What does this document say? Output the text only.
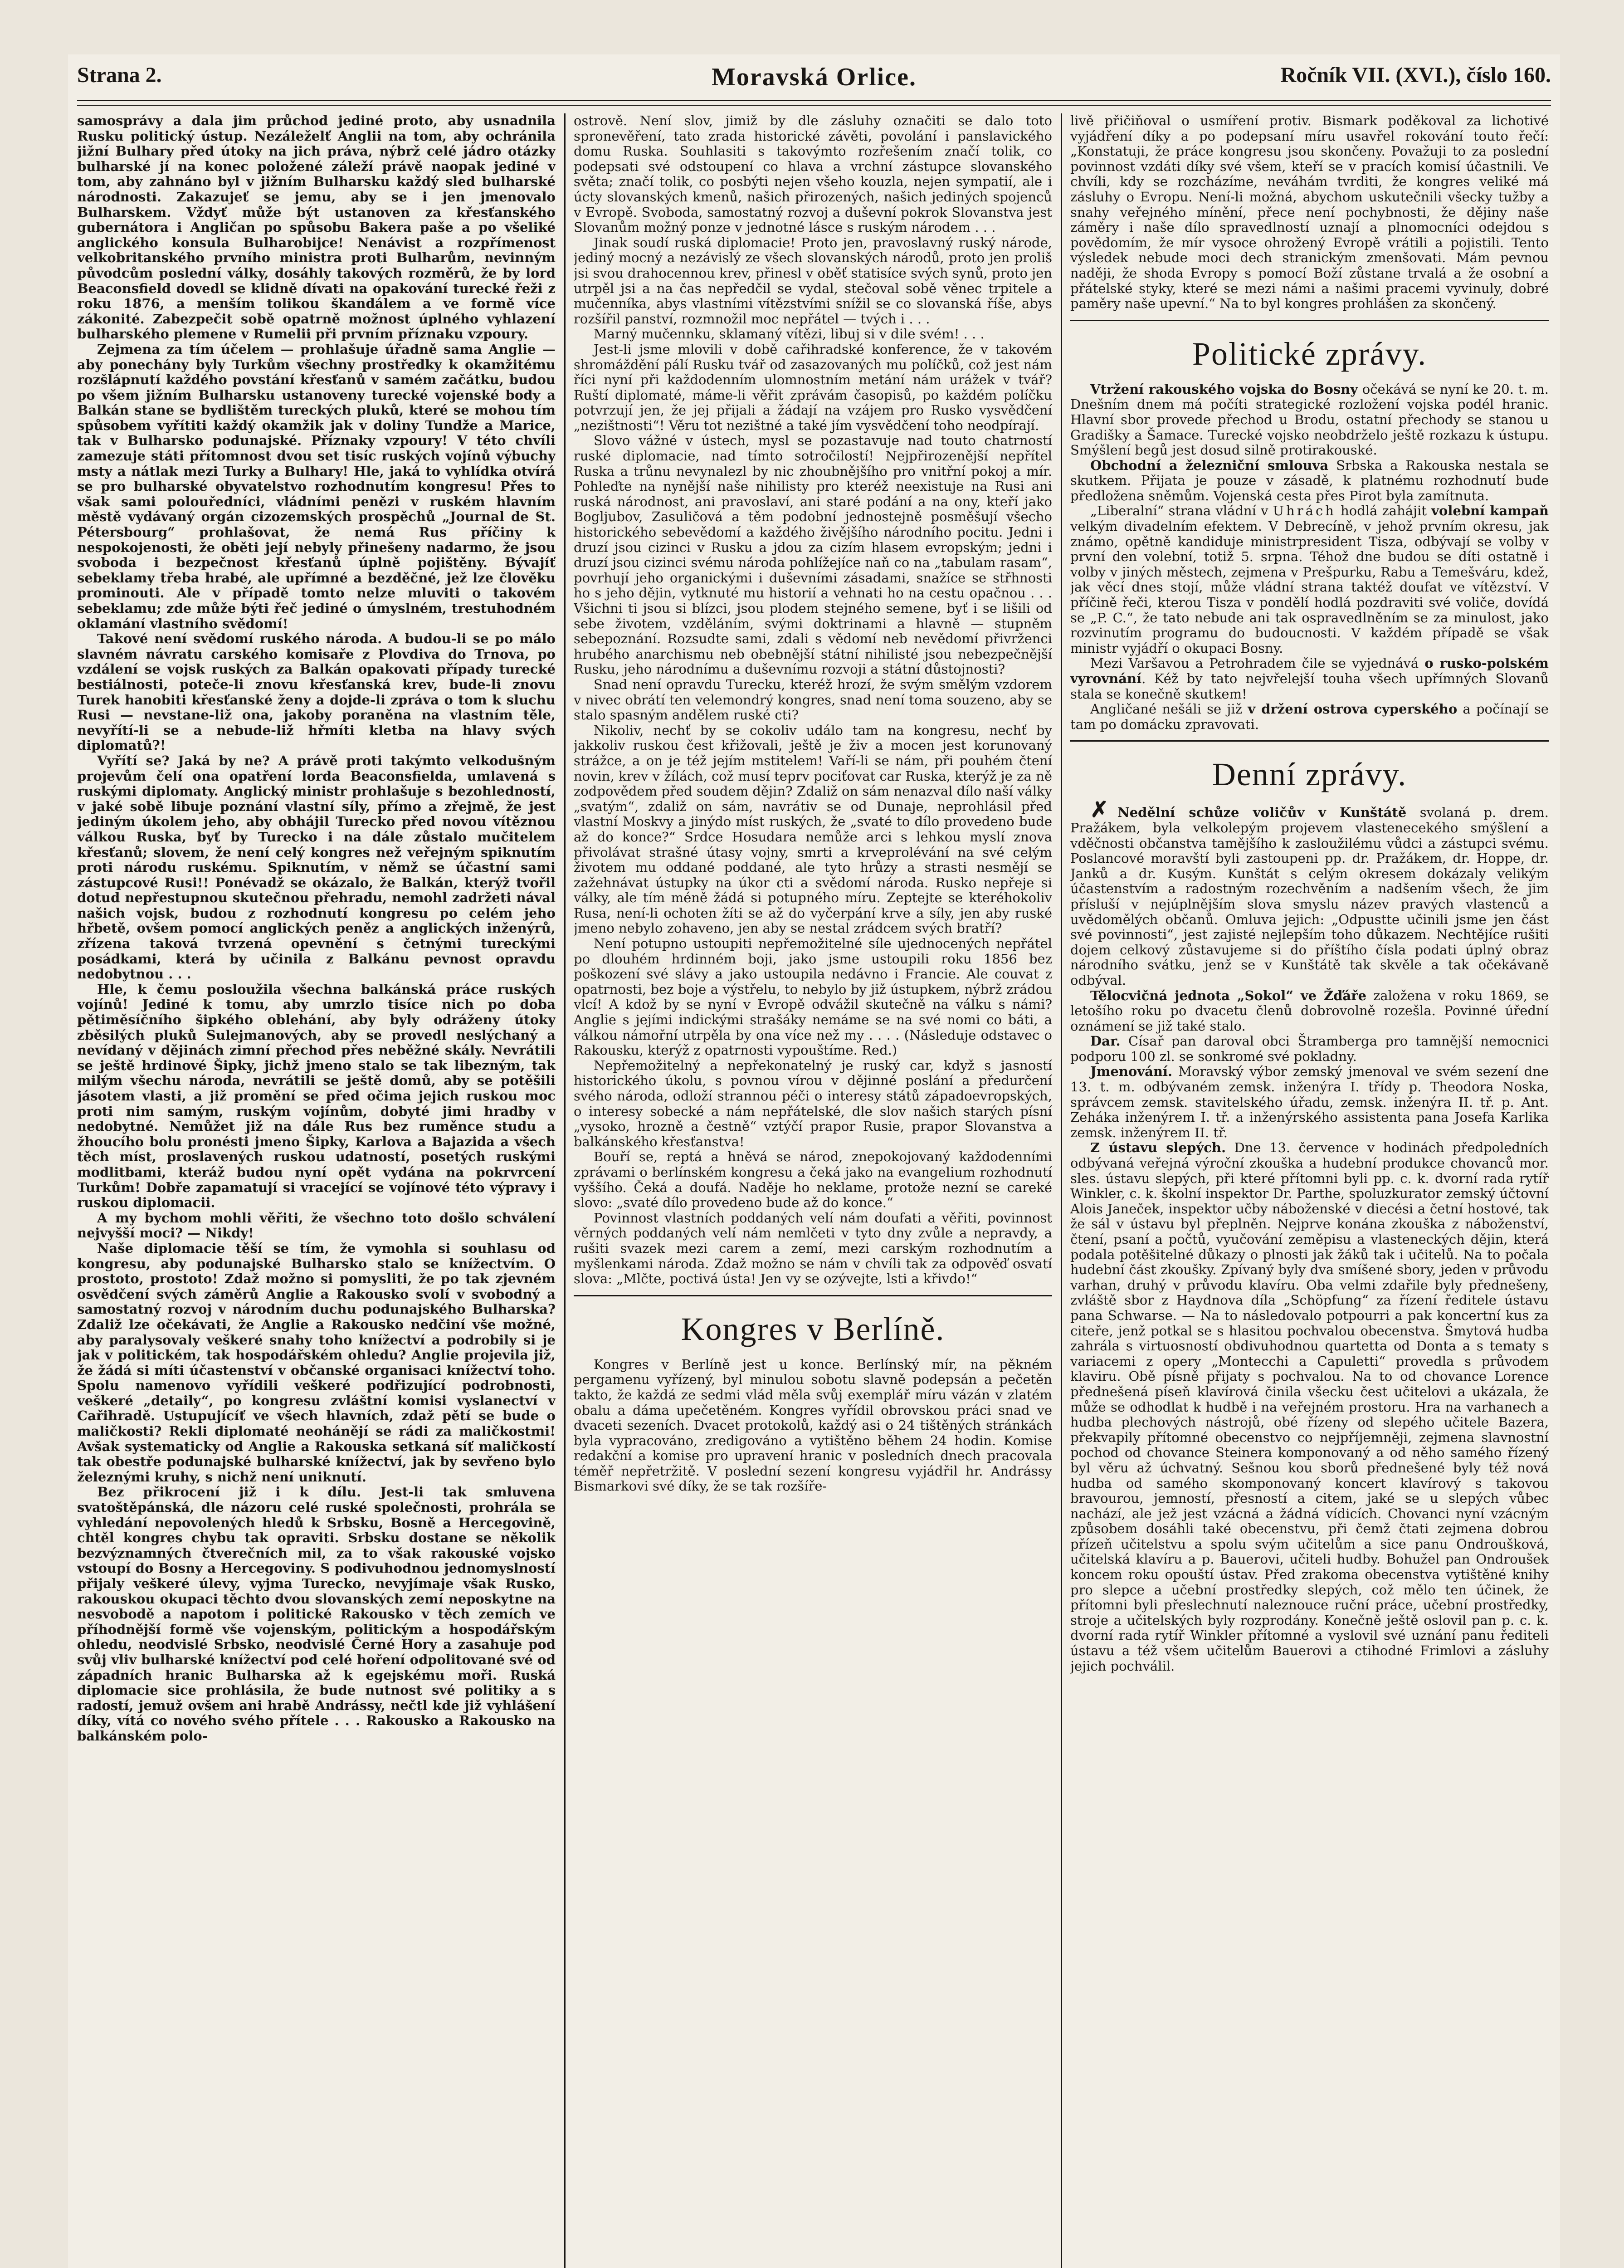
Strana 2.	Moravská Orlice.	Ročník VII. (XVI.), číslo 160.

samosprávy a dala jim průchod jediné proto, aby usnadnila Rusku politický ústup. Nezáleželť Anglii na tom, aby ochránila jižní Bulhary před útoky na jich práva, nýbrž celé jádro otázky bulharské jí na konec položené záleží právě naopak jediné v tom, aby zahnáno byl v jižním Bulharsku každý sled bulharské národnosti. Zakazujeť se jemu, aby se i jen jmenovalo Bulharskem. Vždyť může být ustanoven za křesťanského gubernátora i Angličan po spůsobu Bakera paše a po všeliké anglického konsula Bulharobijce! Nenávist a rozpřímenost velkobritanského prvního ministra proti Bulharům, nevinným původcům poslední války, dosáhly takových rozměrů, že by lord Beaconsfield dovedl se klidně dívati na opakování turecké řeži z roku 1876, a menším tolikou škandálem a ve formě více zákonité. Zabezpečit sobě opatrně možnost úplného vyhlazení bulharského plemene v Rumelii při prvním příznaku vzpoury.

Zejmena za tím účelem — prohlašuje úřadně sama Anglie — aby ponechány byly Turkům všechny prostředky k okamžitému rozšlápnutí každého povstání křesťanů v samém začátku, budou po všem jižním Bulharsku ustanoveny turecké vojenské body a Balkán stane se bydlištěm tureckých pluků, které se mohou tím spůsobem vyřítiti každý okamžik jak v doliny Tundže a Marice, tak v Bulharsko podunajské. Příznaky vzpoury! V této chvíli zamezuje státi přítomnost dvou set tisíc ruských vojínů výbuchy msty a nátlak mezi Turky a Bulhary! Hle, jaká to vyhlídka otvírá se pro bulharské obyvatelstvo rozhodnutím kongresu! Přes to však sami polouředníci, vládními penězi v ruském hlavním městě vydávaný orgán cizozemských prospěchů „Journal de St. Pétersbourg“ prohlašovat, že nemá Rus příčiny k nespokojenosti, že oběti její nebyly přinešeny nadarmo, že jsou svoboda i bezpečnost křesťanů úplně pojištěny. Bývajíť sebeklamy třeba hrabé, ale upřímné a bezděčné, jež lze člověku prominouti. Ale v případě tomto nelze mluviti o takovém sebeklamu; zde může býti řeč jediné o úmyslném, trestuhodném oklamání vlastního svědomí!

Takové není svědomí ruského národa. A budou-li se po málo slavném návratu carského komisaře z Plovdiva do Trnova, po vzdálení se vojsk ruských za Balkán opakovati případy turecké bestiálnosti, poteče-li znovu křesťanská krev, bude-li znovu Turek hanobiti křesťanské ženy a dojde-li zpráva o tom k sluchu Rusi — nevstane-liž ona, jakoby poraněna na vlastním těle, nevyřítí-li se a nebude-liž hřmíti kletba na hlavy svých diplomatů?!

Vyřítí se? Jaká by ne? A právě proti takýmto velkodušným projevům čelí ona opatření lorda Beaconsfielda, umlavená s ruskými diplomaty. Anglický ministr prohlašuje s bezohledností, v jaké sobě libuje poznání vlastní síly, přímo a zřejmě, že jest jediným úkolem jeho, aby obhájil Turecko před novou vítěznou válkou Ruska, byť by Turecko i na dále zůstalo mučitelem křesťanů; slovem, že není celý kongres než veřejným spiknutím proti národu ruskému. Spiknutím, v němž se účastní sami zástupcové Rusi!! Ponévadž se okázalo, že Balkán, kterýž tvořil dotud nepřestupnou skutečnou přehradu, nemohl zadržeti nával našich vojsk, budou z rozhodnutí kongresu po celém jeho hřbetě, ovšem pomocí anglických peněz a anglických inženýrů, zřízena taková tvrzená opevnění s četnými tureckými posádkami, která by učinila z Balkánu pevnost opravdu nedobytnou . . .

Hle, k čemu posloužila všechna balkánská práce ruských vojínů! Jediné k tomu, aby umrzlo tisíce nich po doba pětiměsíčního šipkého oblehání, aby byly odráženy útoky zběsilých pluků Sulejmanových, aby se provedl neslýchaný a nevídaný v dějinách zimní přechod přes neběžné skály. Nevrátili se ještě hrdinové Šipky, jichž jmeno stalo se tak libezným, tak milým všechu národa, nevrátili se ještě domů, aby se potěšili jásotem vlasti, a již promění se před očima jejich ruskou moc proti nim samým, ruským vojínům, dobyté jimi hradby v nedobytné. Nemůžet již na dále Rus bez ruměnce studu a žhoucího bolu pronésti jmeno Šipky, Karlova a Bajazida a všech těch míst, proslavených ruskou udatností, posetých ruskými modlitbami, kteráž budou nyní opět vydána na pokrvrcení Turkům! Dobře zapamatují si vracející se vojínové této výpravy i ruskou diplomacii.

A my bychom mohli věřiti, že všechno toto došlo schválení nejvyšší moci? — Nikdy!

Naše diplomacie těší se tím, že vymohla si souhlasu od kongresu, aby podunajské Bulharsko stalo se knížectvím. O prostoto, prostoto! Zdaž možno si pomysliti, že po tak zjevném osvědčení svých záměrů Anglie a Rakousko svolí v svobodný a samostatný rozvoj v národním duchu podunajského Bulharska? Zdaliž lze očekávati, že Anglie a Rakousko nedčiní vše možné, aby paralysovaly veškeré snahy toho knížectví a podrobily si je jak v politickém, tak hospodářském ohledu? Anglie projevila již, že žádá si míti účastenství v občanské organisaci knížectví toho. Spolu namenovo vyřídili veškeré podřizující podrobnosti, veškeré „detaily“, po kongresu zvláštní komisi vyslanectví v Cařihradě. Ustupujícíť ve všech hlavních, zdaž pětí se bude o maličkosti? Rekli diplomaté neohánějí se rádi za maličkostmi! Avšak systematicky od Anglie a Rakouska setkaná síť maličkostí tak obestře podunajské bulharské knížectví, jak by sevřeno bylo železnými kruhy, s nichž není uniknutí.

Bez přikrocení již i k dílu. Jest-li tak smluvena svatoštěpánská, dle názoru celé ruské společnosti, prohrála se vyhledání nepovolených hledů k Srbsku, Bosně a Hercegovině, chtěl kongres chybu tak opraviti. Srbsku dostane se několik bezvýznamných čtverečních mil, za to však rakouské vojsko vstoupí do Bosny a Hercegoviny. S podivuhodnou jednomyslností přijaly veškeré úlevy, vyjma Turecko, nevyjímaje však Rusko, rakouskou okupaci těchto dvou slovanských zemí neposkytne na nesvobodě a napotom i politické Rakousko v těch zemích ve příhodnější formě vše vojenským, politickým a hospodářským ohledu, neodvislé Srbsko, neodvislé Černé Hory a zasahuje pod svůj vliv bulharské knížectví pod celé hoření odpolitované své od západních hranic Bulharska až k egejskému moři. Ruská diplomacie sice prohlásila, že bude nutnost své politiky a s radostí, jemuž ovšem ani hrabě Andrássy, nečtl kde již vyhlášení díky, vítá co nového svého přítele . . . Rakousko a Rakousko na balkánském polo-

ostrově. Není slov, jimiž by dle zásluhy označiti se dalo toto spronevěření, tato zrada historické závěti, povolání i panslavického domu Ruska. Souhlasiti s takovýmto rozřešením značí tolik, co podepsati své odstoupení co hlava a vrchní zástupce slovanského světa; značí tolik, co posbýti nejen všeho kouzla, nejen sympatií, ale i úcty slovanských kmenů, našich přirozených, našich jediných spojenců v Evropě. Svoboda, samostatný rozvoj a duševní pokrok Slovanstva jest Slovanům možný ponze v jednotné lásce s ruským národem . . .

Jinak soudí ruská diplomacie! Proto jen, pravoslavný ruský národe, jediný mocný a nezávislý ze všech slovanských národů, proto jen proliš jsi svou drahocennou krev, přinesl v oběť statisíce svých synů, proto jen utrpěl jsi a na čas nepředčil se vydal, stečoval sobě věnec trpitele a mučenníka, abys vlastními vítězstvími snížil se co slovanská říše, abys rozšířil panství, rozmnožil moc nepřátel — tvých i . . .

Marný mučennku, sklamaný vítězi, libuj si v dile svém! . . .

Jest-li jsme mlovili v době cařihradské konference, že v takovém shromáždění pálí Rusku tvář od zasazovaných mu políčků, což jest nám říci nyní při každodenním ulomnostním metání nám urážek v tvář? Ruští diplomaté, máme-li věřit zprávám časopisů, po každém políčku potvrzují jen, že jej přijali a žádají na vzájem pro Rusko vysvědčení „nezištnosti“! Věru tot nezištné a také jím vysvědčení toho neodpírají.

Slovo vážné v ústech, mysl se pozastavuje nad touto chatrností ruské diplomacie, nad tímto sotročilostí! Nejpřirozenější nepřítel Ruska a trůnu nevynalezl by nic zhoubnějšího pro vnitřní pokoj a mír. Pohleďte na nynější naše nihilisty pro kteréž neexistuje na Rusi ani ruská národnost, ani pravoslaví, ani staré podání a na ony, kteří jako Bogljubov, Zasuličová a těm podobní jednostejně posměšují všecho historického sebevědomí a každého živějšího národního pocitu. Jedni i druzí jsou cizinci v Rusku a jdou za cizím hlasem evropským; jedni i druzí jsou cizinci svému národa pohlížejíce naň co na „tabulam rasam“, povrhují jeho organickými i duševními zásadami, snažíce se střhnosti ho s jeho dějin, vytknuté mu historií a vehnati ho na cestu opačnou . . . Všichni ti jsou si blízci, jsou plodem stejného semene, byť i se lišili od sebe životem, vzděláním, svými doktrinami a hlavně — stupněm sebepoznání. Rozsudte sami, zdali s vědomí neb nevědomí přivrženci hrubého anarchismu neb obebnější státní nihilisté jsou nebezpečnější Rusku, jeho národnímu a duševnímu rozvoji a státní důstojnosti?

Snad není opravdu Turecku, kteréž hrozí, že svým smělým vzdorem v nivec obrátí ten velemondrý kongres, snad není toma souzeno, aby se stalo spasným andělem ruské cti?

Nikoliv, nechť by se cokoliv událo tam na kongresu, nechť by jakkoliv ruskou čest křižovali, ještě je živ a mocen jest korunovaný strážce, a on je též jejím mstitelem! Vaří-li se nám, při pouhém čtení novin, krev v žílách, což musí teprv pociťovat car Ruska, kterýž je za ně zodpovědem před soudem dějin? Zdaliž on sám nenazval dílo naší války „svatým“, zdaliž on sám, navrátiv se od Dunaje, neprohlásil před vlastní Moskvy a jinýdo míst ruských, že „svaté to dílo provedeno bude až do konce?“ Srdce Hosudara nemůže arci s lehkou myslí znova přivolávat strašné útasy vojny, smrti a krveprolévání na své celým životem mu oddané poddané, ale tyto hrůzy a strasti nesmějí se zažehnávat ústupky na úkor cti a svědomí národa. Rusko nepřeje si války, ale tím méně žádá si potupného míru. Zeptejte se kteréhokoliv Rusa, není-li ochoten žíti se až do vyčerpání krve a síly, jen aby ruské jmeno nebylo zohaveno, jen aby se nestal zrádcem svých bratří?

Není potupno ustoupiti nepřemožitelné síle ujednocených nepřátel po dlouhém hrdinném boji, jako jsme ustoupili roku 1856 bez poškození své slávy a jako ustoupila nedávno i Francie. Ale couvat z opatrnosti, bez boje a výstřelu, to nebylo by již ústupkem, nýbrž zrádou vlcí! A kdož by se nyní v Evropě odvážil skutečně na válku s námi? Anglie s jejími indickými strašáky nemáme se na své nomi co báti, a válkou námořní utrpěla by ona více než my . . . . (Následuje odstavec o Rakousku, kterýž z opatrnosti vypouštíme. Red.)

Nepřemožitelný a nepřekonatelný je ruský car, když s jasností historického úkolu, s povnou vírou v dějinné poslání a předurčení svého národa, odloží strannou péči o interesy států západoevropských, o interesy sobecké a nám nepřátelské, dle slov našich starých písní „vysoko, hrozně a čestně“ vztýčí prapor Rusie, prapor Slovanstva a balkánského křesťanstva!

Bouří se, reptá a hněvá se národ, znepokojovaný každodenními zprávami o berlínském kongresu a čeká jako na evangelium rozhodnutí vyššího. Čeká a doufá. Naděje ho neklame, protože nezní se careké slovo: „svaté dílo provedeno bude až do konce.“

Povinnost vlastních poddaných velí nám doufati a věřiti, povinnost věrných poddaných velí nám nemlčeti v tyto dny zvůle a nepravdy, a rušiti svazek mezi carem a zemí, mezi carským rozhodnutím a myšlenkami národa. Zdaž možno se nám v chvíli tak za odpověď osvatí slova: „Mlčte, poctivá ústa! Jen vy se ozývejte, lsti a křivdo!“

Kongres v Berlíně.

Kongres v Berlíně jest u konce. Berlínský mír, na pěkném pergamenu vyřízený, byl minulou sobotu slavně podepsán a pečetěn takto, že každá ze sedmi vlád měla svůj exemplář míru vázán v zlatém obalu a dáma upečetěném. Kongres vyřídil obrovskou práci snad ve dvaceti sezeních. Dvacet protokolů, každý asi o 24 tištěných stránkách byla vypracováno, zredigováno a vytištěno během 24 hodin. Komise redakční a komise pro upravení hranic v posledních dnech pracovala téměř nepřetržitě. V poslední sezení kongresu vyjádřil hr. Andrássy Bismarkovi své díky, že se tak rozšíře-

livě přičiňoval o usmíření protiv. Bismark poděkoval za lichotivé vyjádření díky a po podepsaní míru usavřel rokování touto řečí: „Konstatuji, že práce kongresu jsou skončeny. Považuji to za poslední povinnost vzdáti díky své všem, kteří se v pracích komisí účastnili. Ve chvíli, kdy se rozcházíme, neváhám tvrditi, že kongres veliké má zásluhy o Evropu. Není-li možná, abychom uskutečnili všecky tužby a snahy veřejného mínění, přece není pochybnosti, že dějiny naše záměry i naše dílo spravedlností uznají a plnomocníci odejdou s povědomím, že mír vysoce ohrožený Evropě vrátili a pojistili. Tento výsledek nebude moci dech stranickým zmenšovati. Mám pevnou naději, že shoda Evropy s pomocí Boží zůstane trvalá a že osobní a přátelské styky, které se mezi námi a našimi pracemi vyvinuly, dobré paměry naše upevní.“ Na to byl kongres prohlášen za skončený.

Politické zprávy.

Vtržení rakouského vojska do Bosny očekává se nyní ke 20. t. m. Dnešním dnem má počíti strategické rozložení vojska podél hranic. Hlavní sbor provede přechod u Brodu, ostatní přechody se stanou u Gradišky a Šamace. Turecké vojsko neobdrželo ještě rozkazu k ústupu. Smýšlení begů jest dosud silně protirakouské.

Obchodní a železniční smlouva Srbska a Rakouska nestala se skutkem. Přijata je pouze v zásadě, k platnému rozhodnutí bude předložena sněmům. Vojenská cesta přes Pirot byla zamítnuta.

„Liberalní“ strana vládní v Uhrách hodlá zahájit volební kampaň velkým divadelním efektem. V Debrecíně, v jehož prvním okresu, jak známo, opětně kandiduje ministrpresident Tisza, odbývají se volby v první den volební, totiž 5. srpna. Téhož dne budou se díti ostatně i volby v jiných městech, zejmena v Prešpurku, Rabu a Temešváru, kdež, jak věcí dnes stojí, může vládní strana taktéž doufat ve vítězství. V příčině řeči, kterou Tisza v pondělí hodlá pozdraviti své voliče, dovídá se „P. C.“, že tato nebude ani tak ospravedlněním se za minulost, jako rozvinutím programu do budoucnosti. V každém případě se však ministr vyjádří o okupaci Bosny.

Mezi Varšavou a Petrohradem čile se vyjednává o rusko-polském vyrovnání. Kéž by tato nejvřelejší touha všech upřímných Slovanů stala se konečně skutkem!

Angličané nešáli se již v držení ostrova cyperského a počínají se tam po domácku zpravovati.

Denní zprávy.

✗ Nedělní schůze voličův v Kunštátě svolaná p. drem. Pražákem, byla velkolepým projevem vlastenecekého smýšlení a vděčnosti občanstva tamějšího k zasloužilému vůdci a zástupci svému. Poslancové moravští byli zastoupeni pp. dr. Pražákem, dr. Hoppe, dr. Janků a dr. Kusým. Kunštát s celým okresem dokázaly velikým účastenstvím a radostným rozechvěním a nadšením všech, že jim přísluší v nejúplnějším slova smyslu název pravých vlastenců a uvědomělých občanů. Omluva jejich: „Odpustte učinili jsme jen část své povinnosti“, jest zajisté nejlepším toho důkazem. Nechtějíce rušiti dojem celkový zůstavujeme si do příštího čísla podati úplný obraz národního svátku, jenž se v Kunštátě tak skvěle a tak očekávaně odbýval.

Tělocvičná jednota „Sokol“ ve Žďáře založena v roku 1869, se letošího roku po dvacetu členů dobrovolně rozešla. Povinné úřední oznámení se již také stalo.

Dar. Císař pan daroval obci Štramberga pro tamnější nemocnici podporu 100 zl. se sonkromé své pokladny.

Jmenování. Moravský výbor zemský jmenoval ve svém sezení dne 13. t. m. odbývaném zemsk. inženýra I. třídy p. Theodora Noska, správcem zemsk. stavitelského úřadu, zemsk. inženýra II. tř. p. Ant. Zeháka inženýrem I. tř. a inženýrského assistenta pana Josefa Karlika zemsk. inženýrem II. tř.

Z ústavu slepých. Dne 13. července v hodinách předpoledních odbývaná veřejná výroční zkouška a hudební produkce chovanců mor. sles. ústavu slepých, při které přítomni byli pp. c. k. dvorní rada rytíř Winkler, c. k. školní inspektor Dr. Parthe, spoluzkurator zemský účtovní Alois Janeček, inspektor učby náboženské v diecési a četní hostové, tak že sál v ústavu byl přeplněn. Nejprve konána zkouška z náboženství, čtení, psaní a počtů, vyučování zeměpisu a vlasteneckých dějin, která podala potěšitelné důkazy o plnosti jak žáků tak i učitelů. Na to počala hudební část zkoušky. Zpívaný byly dva smíšené sbory, jeden v průvodu varhan, druhý v průvodu klavíru. Oba velmi zdařile byly přednešeny, zvláště sbor z Haydnova díla „Schöpfung“ za řízení ředitele ústavu pana Schwarse. — Na to následovalo potpourri a pak koncertní kus za citeře, jenž potkal se s hlasitou pochvalou obecenstva. Šmytová hudba zahrála s virtuosností obdivuhodnou quartetta od Donta a s tematy s variacemi z opery „Montecchi a Capuletti“ provedla s průvodem klaviru. Obě písně přijaty s pochvalou. Na to od chovance Lorence přednešená píseň klavírová činila všecku čest učitelovi a ukázala, že může se odhodlat k hudbě i na veřejném prostoru. Hra na varhanech a hudba plechových nástrojů, obé řízeny od slepého učitele Bazera, překvapily přítomné obecenstvo co nejpříjemněji, zejmena slavnostní pochod od chovance Steinera komponovaný a od něho samého řízený byl věru až úchvatný. Sešnou kou sborů přednešené byly též nová hudba od samého skomponovaný koncert klavírový s takovou bravourou, jemností, přesností a citem, jaké se u slepých vůbec nachází, ale jež jest vzácná a žádná vídicích. Chovanci nyní vzácným způsobem dosáhli také obecenstvu, při čemž čtati zejmena dobrou přízeň učitelstvu a spolu svým učitelům a sice panu Ondroušková, učitelská klavíru a p. Bauerovi, učiteli hudby. Bohužel pan Ondroušek koncem roku opouští ústav. Před zrakoma obecenstva vytištěné knihy pro slepce a učební prostředky slepých, což mělo ten účinek, že přítomni byli přeslechnutí naleznouce ruční práce, učební prostředky, stroje a učitelských byly rozprodány. Konečně ještě oslovil pan p. c. k. dvorní rada rytíř Winkler přítomné a vyslovil své uznání panu řediteli ústavu a též všem učitelům Bauerovi a ctihodné Frimlovi a zásluhy jejich pochválil.
